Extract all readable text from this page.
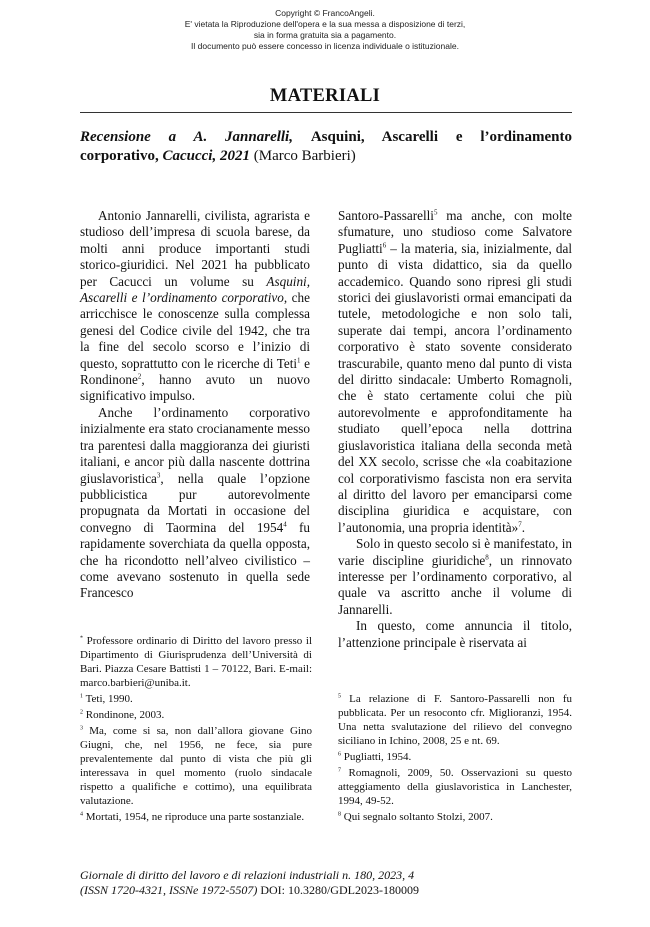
Copyright © FrancoAngeli.
E' vietata la Riproduzione dell'opera e la sua messa a disposizione di terzi,
sia in forma gratuita sia a pagamento.
Il documento può essere concesso in licenza individuale o istituzionale.
MATERIALI
Recensione a A. Jannarelli, Asquini, Ascarelli e l’ordinamento
corporativo, Cacucci, 2021 (Marco Barbieri)

Antonio Jannarelli, civilista, agrarista e studioso dell’impresa di scuola barese, da molti anni produce importanti studi storico-giuridici. Nel 2021 ha pubblicato per Cacucci un volume su Asquini, Ascarelli e l’ordinamento corporativo, che arricchisce le conoscenze sulla complessa genesi del Codice civile del 1942, che tra la fine del secolo scorso e l’inizio di questo, soprattutto con le ricerche di Teti$^1$ e Rondinone$^2$, hanno avuto un nuovo significativo impulso.

Anche l’ordinamento corporativo inizialmente era stato crocianamente messo tra parentesi dalla maggioranza dei giuristi italiani, e ancor più dalla nascente dottrina giuslavoristica$^3$, nella quale l’opzione pubblicistica pur autorevolmente propugnata da Mortati in occasione del convegno di Taormina del 1954$^4$ fu rapidamente soverchiata da quella opposta, che ha ricondotto nell’alveo civilistico – come avevano sostenuto in quella sede Francesco

Santoro-Passarelli$^5$ ma anche, con molte sfumature, uno studioso come Salvatore Pugliatti$^6$ – la materia, sia, inizialmente, dal punto di vista didattico, sia da quello accademico. Quando sono ripresi gli studi storici dei giuslavoristi ormai emancipati da tutele, metodologiche e non solo tali, superate dai tempi, ancora l’ordinamento corporativo è stato sovente considerato trascurabile, quanto meno dal punto di vista del diritto sindacale: Umberto Romagnoli, che è stato certamente colui che più autorevolmente e approfonditamente ha studiato quell’epoca nella dottrina giuslavoristica italiana della seconda metà del XX secolo, scrisse che «la coabitazione col corporativismo fascista non era servita al diritto del lavoro per emanciparsi come disciplina giuridica e acquistare, con l’autonomia, una propria identità»$^7$.

Solo in questo secolo si è manifestato, in varie discipline giuridiche$^8$, un rinnovato interesse per l’ordinamento corporativo, al quale va ascritto anche il volume di Jannarelli.

In questo, come annuncia il titolo, l’attenzione principale è riservata ai

* Professore ordinario di Diritto del lavoro presso il Dipartimento di Giurisprudenza dell’Università di Bari. Piazza Cesare Battisti 1 – 70122, Bari. E-mail: marco.barbieri@uniba.it.

$^1$ Teti, 1990.

$^2$ Rondinone, 2003.

$^3$ Ma, come si sa, non dall’allora giovane Gino Giugni, che, nel 1956, ne fece, sia pure prevalentemente dal punto di vista che più gli interessava in quel momento (ruolo sindacale rispetto a qualifiche e cottimo), una equilibrata valutazione.

$^4$ Mortati, 1954, ne riproduce una parte sostanziale.

$^5$ La relazione di F. Santoro-Passarelli non fu pubblicata. Per un resoconto cfr. Miglioranzi, 1954. Una netta svalutazione del rilievo del convegno siciliano in Ichino, 2008, 25 e nt. 69.

$^6$ Pugliatti, 1954.

$^7$ Romagnoli, 2009, 50. Osservazioni su questo atteggiamento della giuslavoristica in Lanchester, 1994, 49-52.

$^8$ Qui segnalo soltanto Stolzi, 2007.

Giornale di diritto del lavoro e di relazioni industriali n. 180, 2023, 4
(ISSN 1720-4321, ISSNe 1972-5507) DOI: 10.3280/GDL2023-180009
